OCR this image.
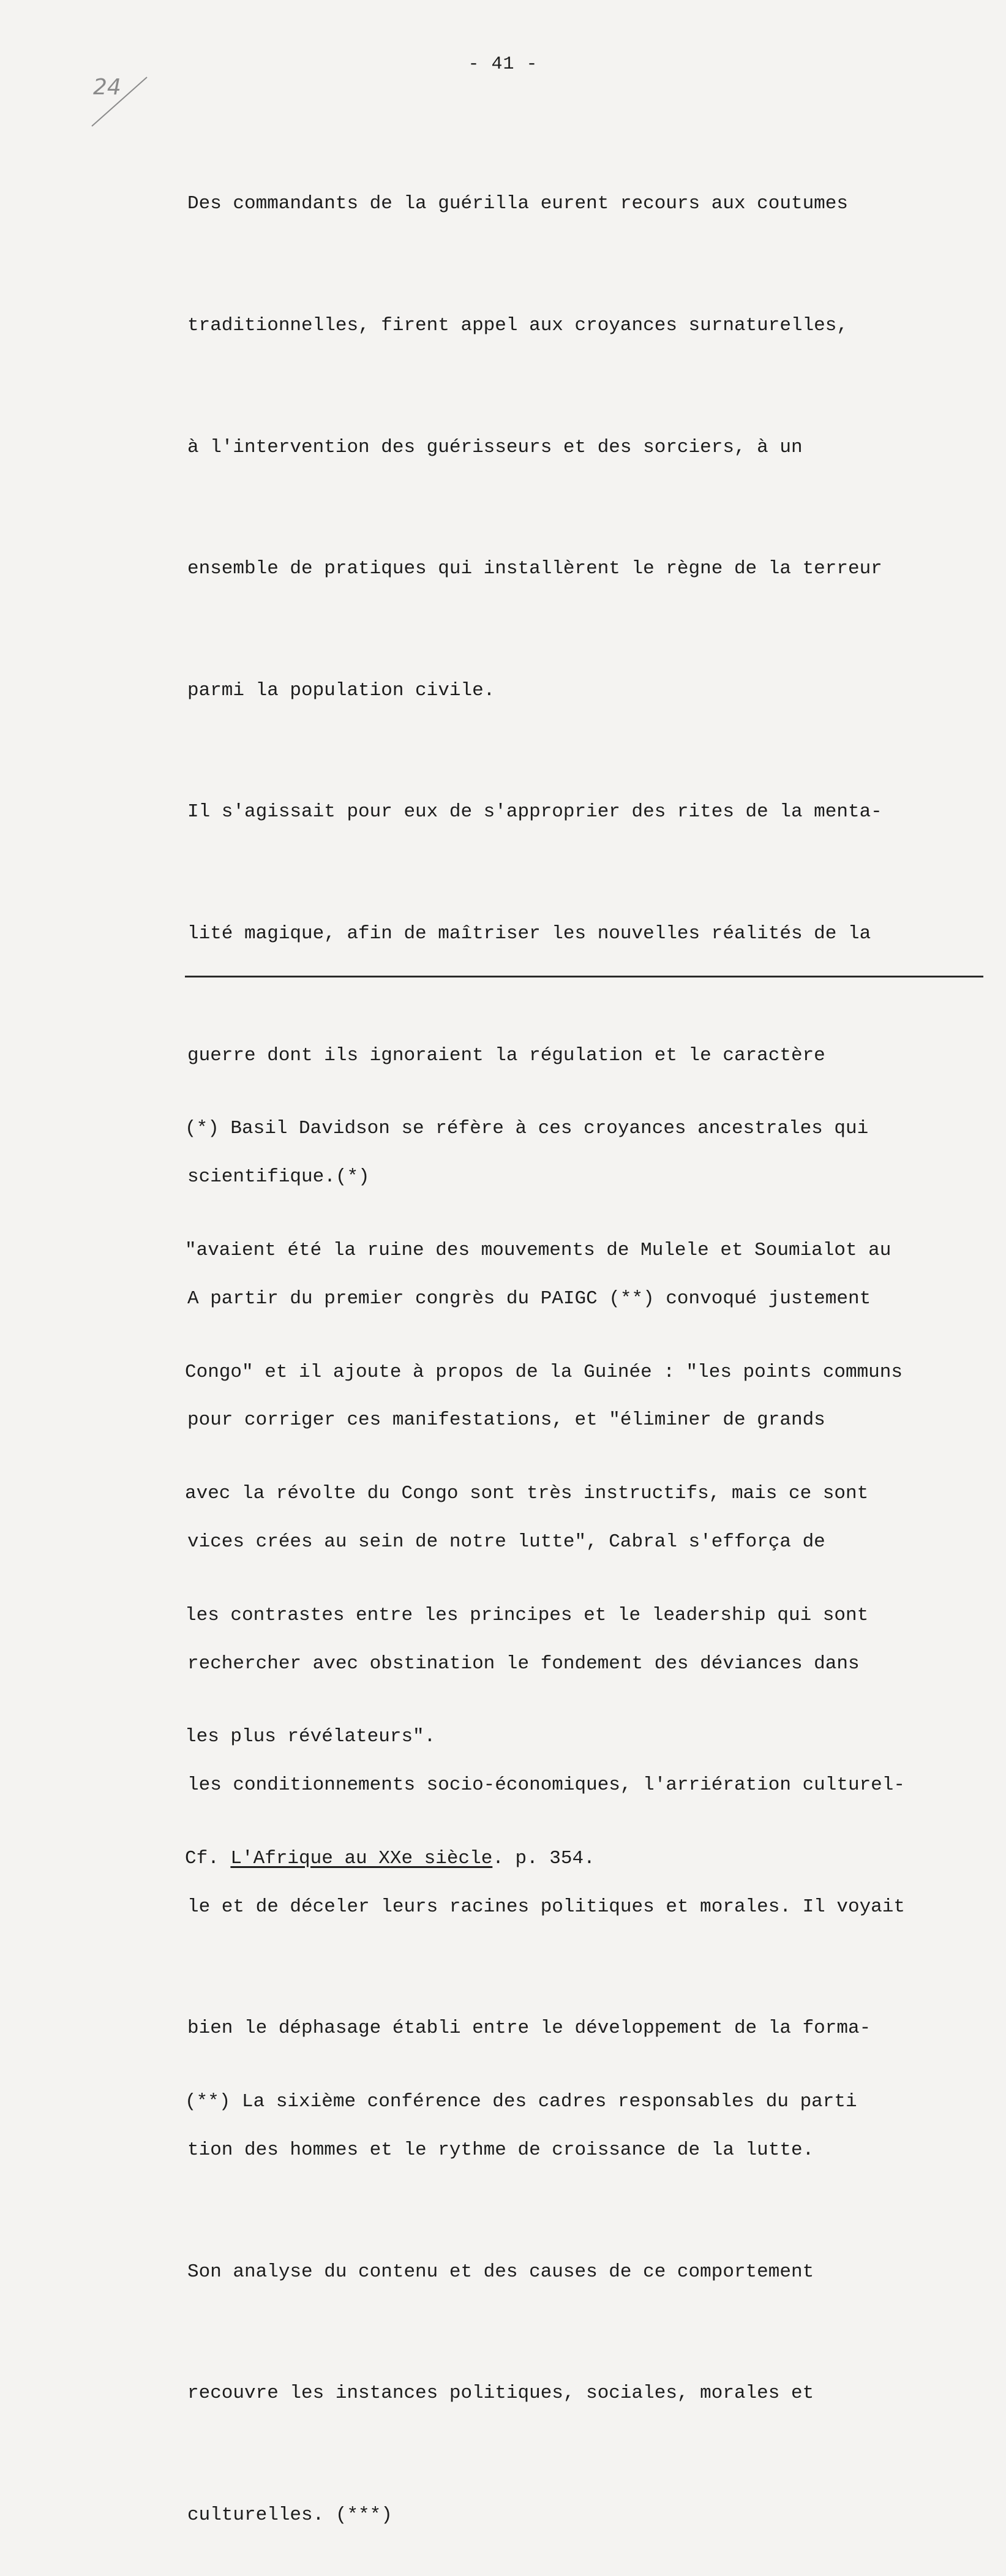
- 41 -
24

Des commandants de la guérilla eurent recours aux coutumes

traditionnelles, firent appel aux croyances surnaturelles,

à l'intervention des guérisseurs et des sorciers, à un

ensemble de pratiques qui installèrent le règne de la terreur

parmi la population civile.

Il s'agissait pour eux de s'approprier des rites de la menta-

lité magique, afin de maîtriser les nouvelles réalités de la

guerre dont ils ignoraient la régulation et le caractère

scientifique.(*)

A partir du premier congrès du PAIGC (**) convoqué justement

pour corriger ces manifestations, et "éliminer de grands

vices crées au sein de notre lutte", Cabral s'efforça de

rechercher avec obstination le fondement des déviances dans

les conditionnements socio-économiques, l'arriération culturel-

le et de déceler leurs racines politiques et morales. Il voyait

bien le déphasage établi entre le développement de la forma-

tion des hommes et le rythme de croissance de la lutte.

Son analyse du contenu et des causes de ce comportement

recouvre les instances politiques, sociales, morales et

culturelles. (***)

(*) Basil Davidson se réfère à ces croyances ancestrales qui

"avaient été la ruine des mouvements de Mulele et Soumialot au

Congo" et il ajoute à propos de la Guinée : "les points communs

avec la révolte du Congo sont très instructifs, mais ce sont

les contrastes entre les principes et le leadership qui sont

les plus révélateurs".

Cf. L'Afrique au XXe siècle. p. 354.

(**) La sixième conférence des cadres responsables du parti
